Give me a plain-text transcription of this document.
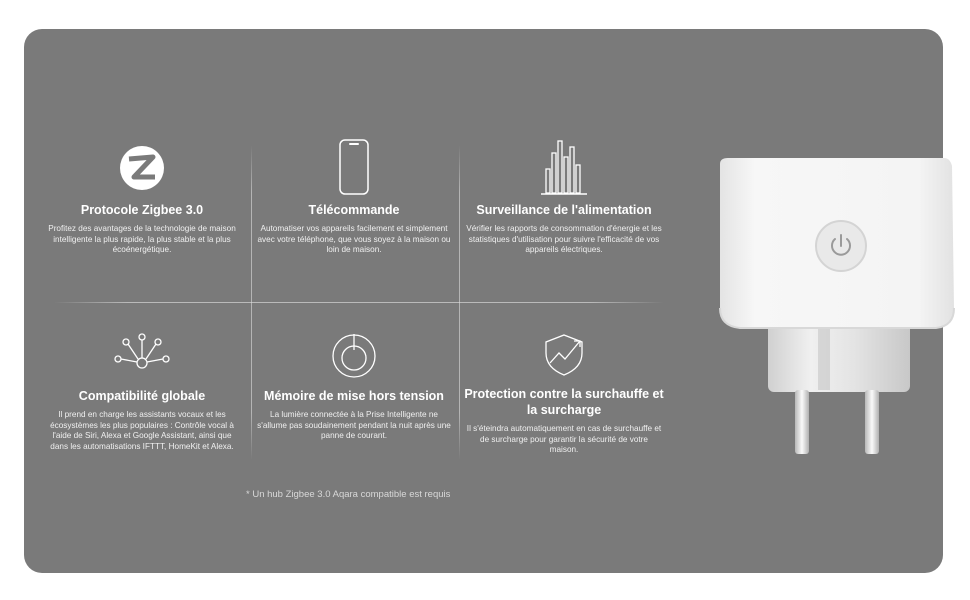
Protocole Zigbee 3.0
Profitez des avantages de la technologie de maison intelligente la plus rapide, la plus stable et la plus écoénergétique.
Télécommande
Automatiser vos appareils facilement et simplement avec votre téléphone, que vous soyez à la maison ou loin de maison.
Surveillance de l'alimentation
Vérifier les rapports de consommation d'énergie et les statistiques d'utilisation pour suivre l'efficacité de vos appareils électriques.
Compatibilité globale
Il prend en charge les assistants vocaux et les écosystèmes les plus populaires : Contrôle vocal à l'aide de Siri, Alexa et Google Assistant, ainsi que dans les automatisations IFTTT, HomeKit et Alexa.
Mémoire de mise hors tension
La lumière connectée à la Prise Intelligente ne s'allume pas soudainement pendant la nuit après une panne de courant.
Protection contre la surchauffe et la surcharge
Il s'éteindra automatiquement en cas de surchauffe et de surcharge pour garantir la sécurité de votre maison.
* Un hub Zigbee 3.0 Aqara compatible est requis
